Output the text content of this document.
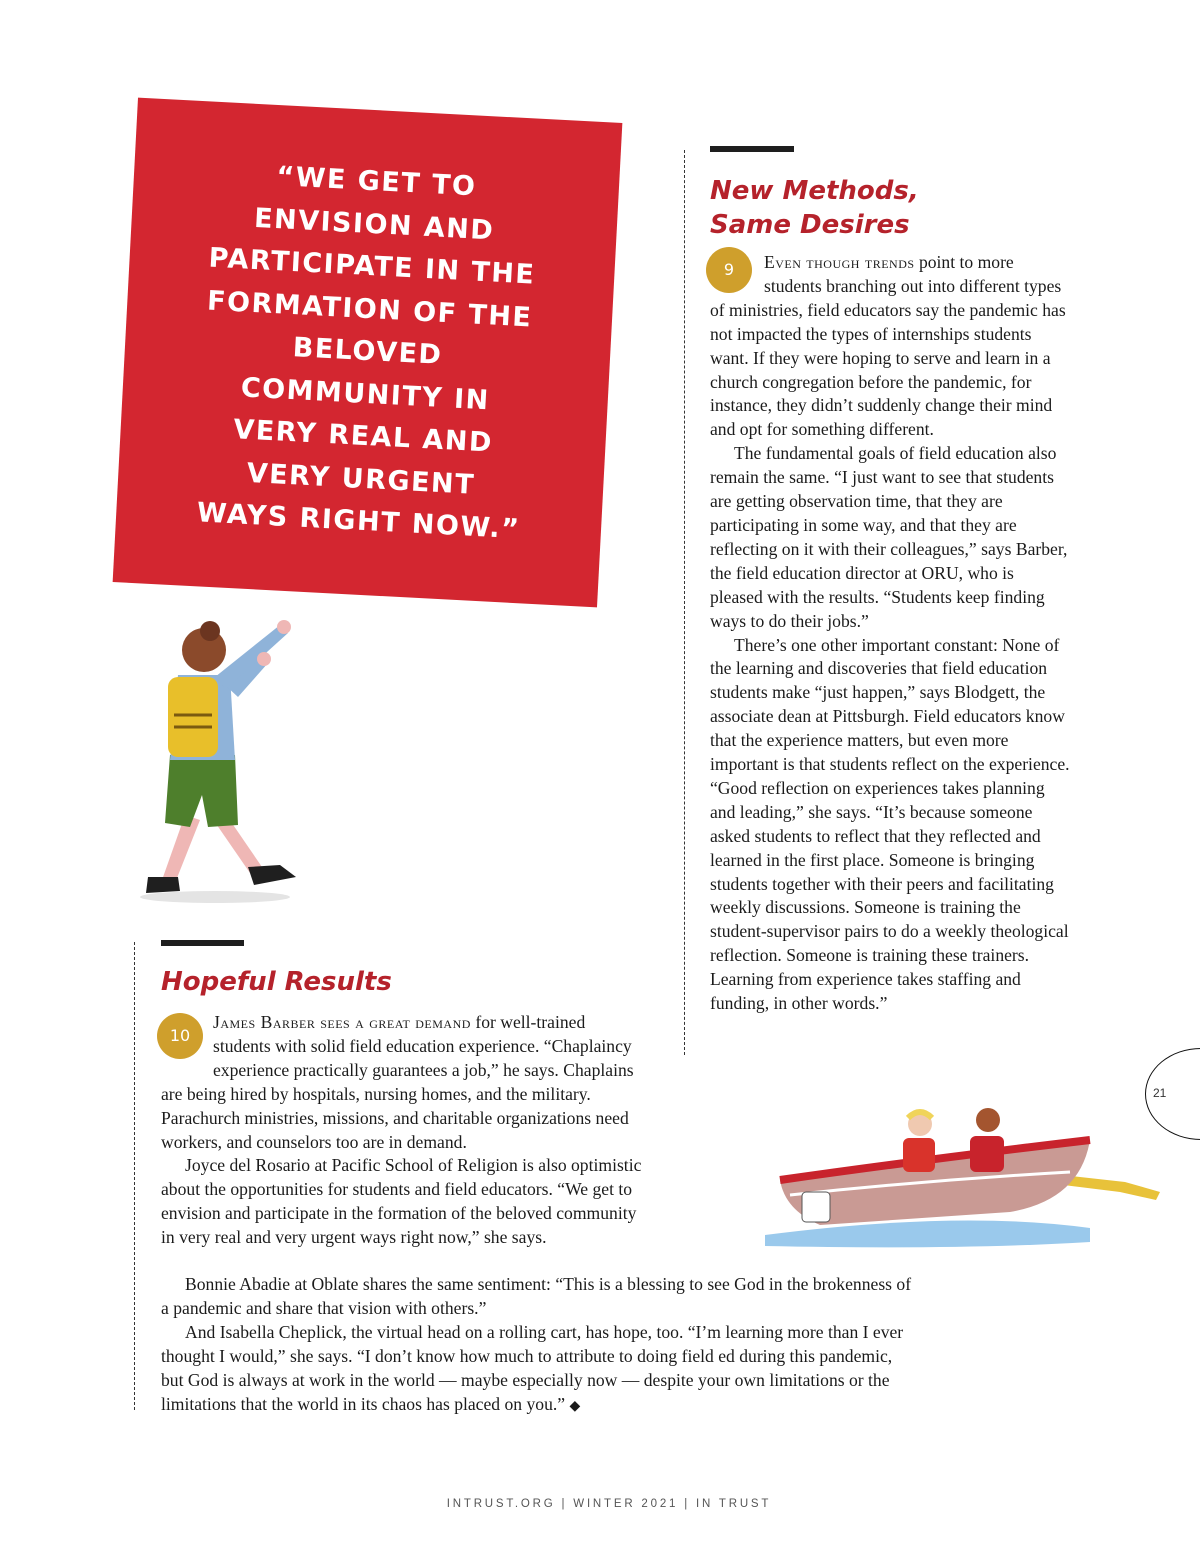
“WE GET TO ENVISION AND PARTICIPATE IN THE FORMATION OF THE BELOVED COMMUNITY IN VERY REAL AND VERY URGENT WAYS RIGHT NOW.”

New Methods,
Same Desires
9	Even though trends point to more students branching out into different types of ministries, field educators say the pandemic has not impacted the types of internships students want. If they were hoping to serve and learn in a church congregation before the pandemic, for instance, they didn’t suddenly change their mind and opt for something different.

The fundamental goals of field education also remain the same. “I just want to see that students are getting observation time, that they are participating in some way, and that they are reflecting on it with their colleagues,” says Barber, the field education director at ORU, who is pleased with the results. “Students keep finding ways to do their jobs.”

There’s one other important constant: None of the learning and discoveries that field education students make “just happen,” says Blodgett, the associate dean at Pittsburgh. Field educators know that the experience matters, but even more important is that students reflect on the experience. “Good reflection on experiences takes planning and leading,” she says. “It’s because someone asked students to reflect that they reflected and learned in the first place. Someone is bringing students together with their peers and facilitating weekly discussions. Someone is training the student-supervisor pairs to do a weekly theological reflection. Someone is training these trainers. Learning from experience takes staffing and funding, in other words.”

21
Hopeful Results
10

James Barber sees a great demand for well-trained students with solid field education experience. “Chaplaincy experience practically guarantees a job,” he says. Chaplains are being hired by hospitals, nursing homes, and the military. Parachurch ministries, missions, and charitable organizations need workers, and counselors too are in demand.

Joyce del Rosario at Pacific School of Religion is also optimistic about the opportunities for students and field educators. “We get to envision and participate in the formation of the beloved community in very real and very urgent ways right now,” she says.

Bonnie Abadie at Oblate shares the same sentiment: “This is a blessing to see God in the brokenness of a pandemic and share that vision with others.”

And Isabella Cheplick, the virtual head on a rolling cart, has hope, too. “I’m learning more than I ever thought I would,” she says. “I don’t know how much to attribute to doing field ed during this pandemic, but God is always at work in the world — maybe especially now — despite your own limitations or the limitations that the world in its chaos has placed on you.” ◆

INTRUST.ORG | WINTER 2021 | IN TRUST
